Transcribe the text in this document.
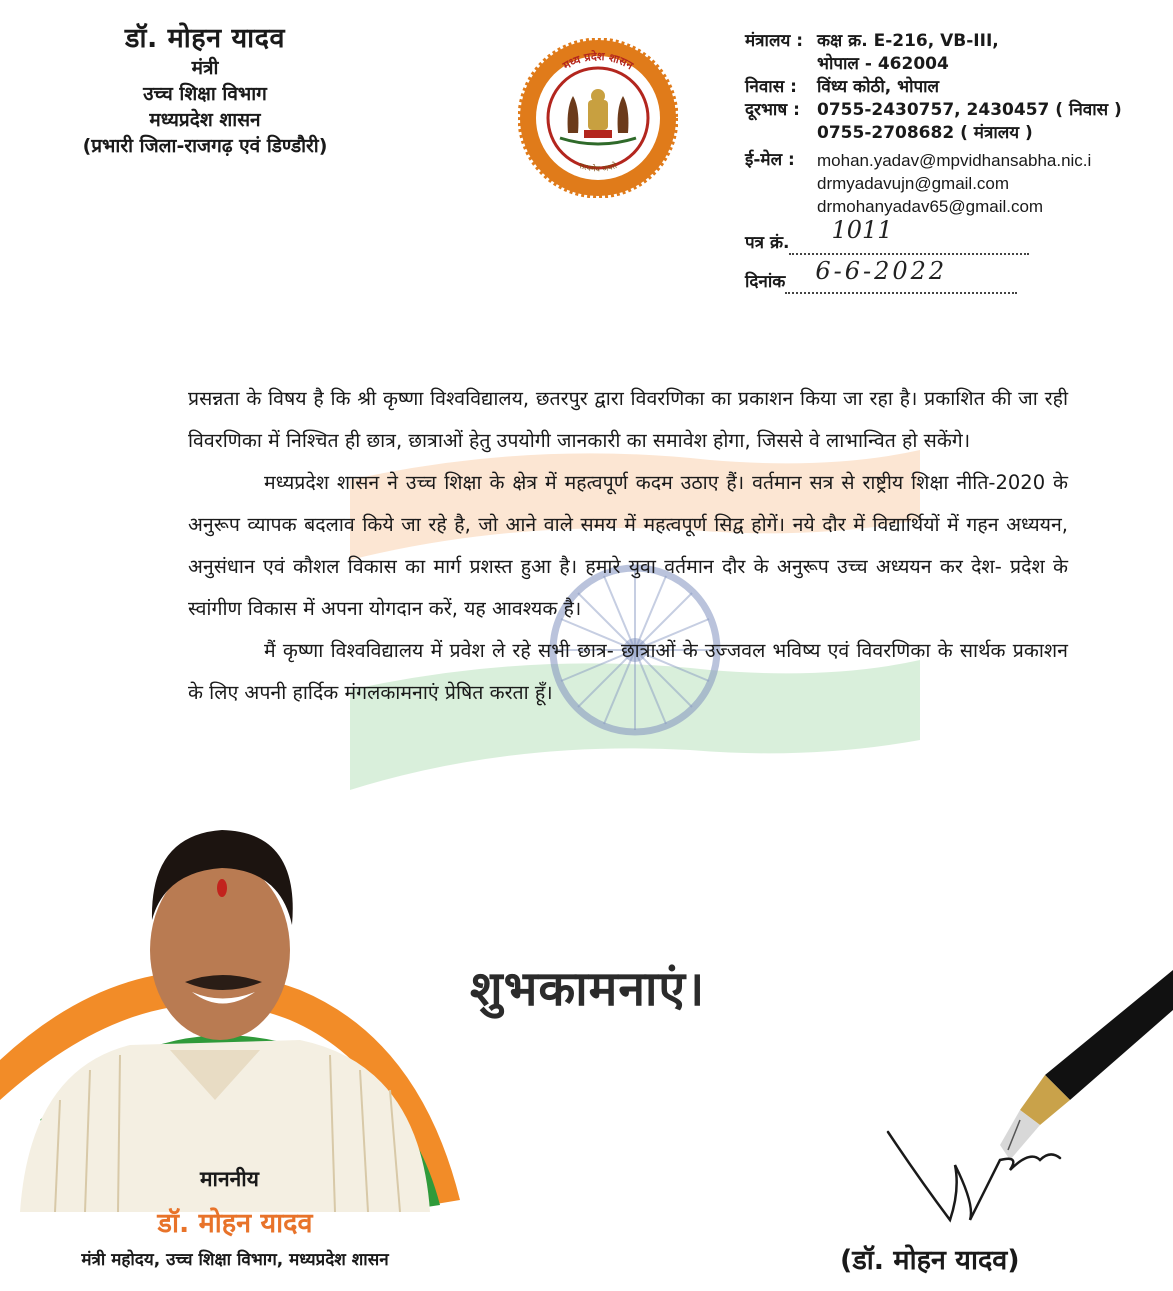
डॉ. मोहन यादव
मंत्री
उच्च शिक्षा विभाग
मध्यप्रदेश शासन
(प्रभारी जिला-राजगढ़ एवं डिण्डौरी)
मध्य प्रदेश शासन
सत्यमेव जयते
मंत्रालय : कक्ष क्र. E-216, VB-III,
भोपाल - 462004
निवास :	विंध्य कोठी, भोपाल
दूरभाष :	0755-2430757, 2430457 ( निवास )
0755-2708682 ( मंत्रालय )
ई-मेल :	mohan.yadav@mpvidhansabha.nic.i
drmyadavujn@gmail.com
drmohanyadav65@gmail.com
पत्र क्रं. 1011
दिनांक 6-6-2022

प्रसन्नता के विषय है कि श्री कृष्णा विश्वविद्यालय, छतरपुर द्वारा विवरणिका का प्रकाशन किया जा रहा है। प्रकाशित की जा रही विवरणिका में निश्चित ही छात्र, छात्राओं हेतु उपयोगी जानकारी का समावेश होगा, जिससे वे लाभान्वित हो सकेंगे।

मध्यप्रदेश शासन ने उच्च शिक्षा के क्षेत्र में महत्वपूर्ण कदम उठाए हैं। वर्तमान सत्र से राष्ट्रीय शिक्षा नीति-2020 के अनुरूप व्यापक बदलाव किये जा रहे है, जो आने वाले समय में महत्वपूर्ण सिद्व होगें। नये दौर में विद्यार्थियों में गहन अध्ययन, अनुसंधान एवं कौशल विकास का मार्ग प्रशस्त हुआ है। हमारे युवा वर्तमान दौर के अनुरूप उच्च अध्ययन कर देश- प्रदेश के स्वांगीण विकास में अपना योगदान करें, यह आवश्यक है।

मैं कृष्णा विश्वविद्यालय में प्रवेश ले रहे सभी छात्र- छात्राओं के उज्जवल भविष्य एवं विवरणिका के सार्थक प्रकाशन के लिए अपनी हार्दिक मंगलकामनाएं प्रेषित करता हूँ।

शुभकामनाएं।
माननीय
डॉ. मोहन यादव
मंत्री महोदय, उच्च शिक्षा विभाग, मध्यप्रदेश शासन	(डॉ. मोहन यादव)
